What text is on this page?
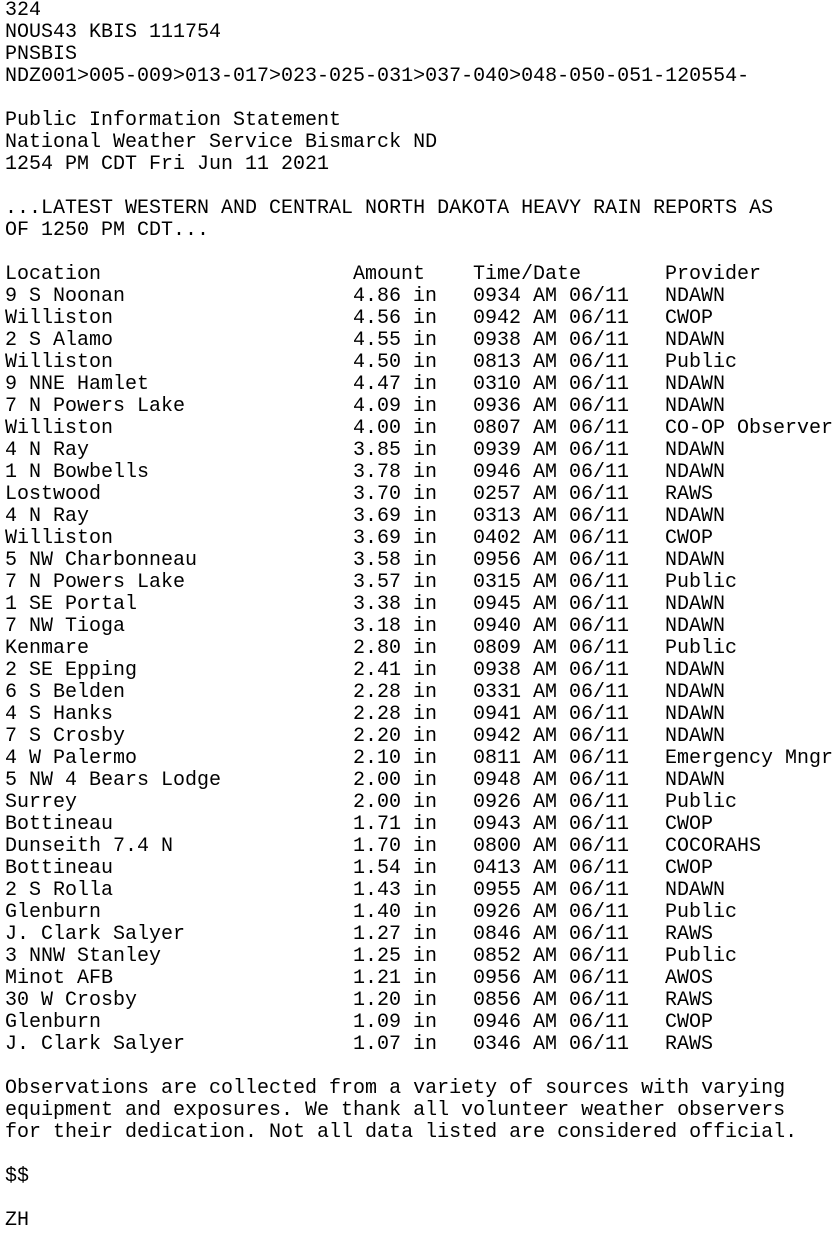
324
NOUS43 KBIS 111754
PNSBIS
NDZ001>005-009>013-017>023-025-031>037-040>048-050-051-120554-
Public Information Statement
National Weather Service Bismarck ND
1254 PM CDT Fri Jun 11 2021
...LATEST WESTERN AND CENTRAL NORTH DAKOTA HEAVY RAIN REPORTS AS
OF 1250 PM CDT...
Location	Amount	Time/Date	Provider
9 S Noonan	4.86 in	0934 AM 06/11	NDAWN
Williston	4.56 in	0942 AM 06/11	CWOP
2 S Alamo	4.55 in	0938 AM 06/11	NDAWN
Williston	4.50 in	0813 AM 06/11	Public
9 NNE Hamlet	4.47 in	0310 AM 06/11	NDAWN
7 N Powers Lake	4.09 in	0936 AM 06/11	NDAWN
Williston	4.00 in	0807 AM 06/11	CO-OP Observer
4 N Ray	3.85 in	0939 AM 06/11	NDAWN
1 N Bowbells	3.78 in	0946 AM 06/11	NDAWN
Lostwood	3.70 in	0257 AM 06/11	RAWS
4 N Ray	3.69 in	0313 AM 06/11	NDAWN
Williston	3.69 in	0402 AM 06/11	CWOP
5 NW Charbonneau	3.58 in	0956 AM 06/11	NDAWN
7 N Powers Lake	3.57 in	0315 AM 06/11	Public
1 SE Portal	3.38 in	0945 AM 06/11	NDAWN
7 NW Tioga	3.18 in	0940 AM 06/11	NDAWN
Kenmare	2.80 in	0809 AM 06/11	Public
2 SE Epping	2.41 in	0938 AM 06/11	NDAWN
6 S Belden	2.28 in	0331 AM 06/11	NDAWN
4 S Hanks	2.28 in	0941 AM 06/11	NDAWN
7 S Crosby	2.20 in	0942 AM 06/11	NDAWN
4 W Palermo	2.10 in	0811 AM 06/11	Emergency Mngr
5 NW 4 Bears Lodge	2.00 in	0948 AM 06/11	NDAWN
Surrey	2.00 in	0926 AM 06/11	Public
Bottineau	1.71 in	0943 AM 06/11	CWOP
Dunseith 7.4 N	1.70 in	0800 AM 06/11	COCORAHS
Bottineau	1.54 in	0413 AM 06/11	CWOP
2 S Rolla	1.43 in	0955 AM 06/11	NDAWN
Glenburn	1.40 in	0926 AM 06/11	Public
J. Clark Salyer	1.27 in	0846 AM 06/11	RAWS
3 NNW Stanley	1.25 in	0852 AM 06/11	Public
Minot AFB	1.21 in	0956 AM 06/11	AWOS
30 W Crosby	1.20 in	0856 AM 06/11	RAWS
Glenburn	1.09 in	0946 AM 06/11	CWOP
J. Clark Salyer	1.07 in	0346 AM 06/11	RAWS
Observations are collected from a variety of sources with varying
equipment and exposures. We thank all volunteer weather observers
for their dedication. Not all data listed are considered official.
$$
ZH
